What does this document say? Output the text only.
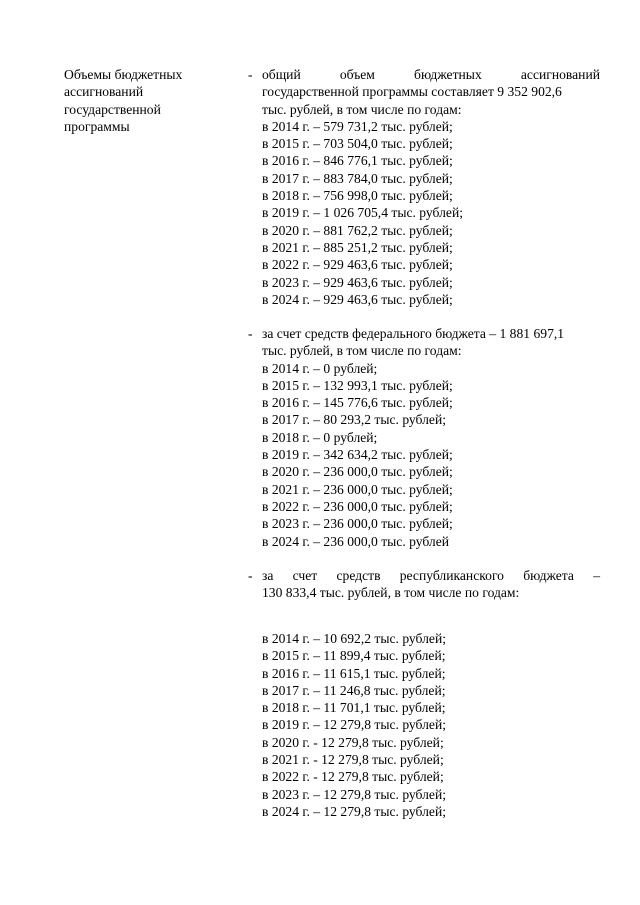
Объемы бюджетных
ассигнований
государственной
программы
- общий объем бюджетных ассигнований
государственной программы составляет 9 352 902,6
тыс. рублей, в том числе по годам:
в 2014 г. – 579 731,2 тыс. рублей;
в 2015 г. – 703 504,0 тыс. рублей;
в 2016 г. – 846 776,1 тыс. рублей;
в 2017 г. – 883 784,0 тыс. рублей;
в 2018 г. – 756 998,0 тыс. рублей;
в 2019 г. – 1 026 705,4 тыс. рублей;
в 2020 г. – 881 762,2 тыс. рублей;
в 2021 г. – 885 251,2 тыс. рублей;
в 2022 г. – 929 463,6 тыс. рублей;
в 2023 г. – 929 463,6 тыс. рублей;
в 2024 г. – 929 463,6 тыс. рублей;
- за счет средств федерального бюджета – 1 881 697,1
тыс. рублей, в том числе по годам:
в 2014 г. – 0 рублей;
в 2015 г. – 132 993,1 тыс. рублей;
в 2016 г. – 145 776,6 тыс. рублей;
в 2017 г. – 80 293,2 тыс. рублей;
в 2018 г. – 0 рублей;
в 2019 г. – 342 634,2 тыс. рублей;
в 2020 г. – 236 000,0 тыс. рублей;
в 2021 г. – 236 000,0 тыс. рублей;
в 2022 г. – 236 000,0 тыс. рублей;
в 2023 г. – 236 000,0 тыс. рублей;
в 2024 г. – 236 000,0 тыс. рублей
- за счет средств республиканского бюджета –
130 833,4 тыс. рублей, в том числе по годам:
в 2014 г. – 10 692,2 тыс. рублей;
в 2015 г. – 11 899,4 тыс. рублей;
в 2016 г. – 11 615,1 тыс. рублей;
в 2017 г. – 11 246,8 тыс. рублей;
в 2018 г. – 11 701,1 тыс. рублей;
в 2019 г. – 12 279,8 тыс. рублей;
в 2020 г. - 12 279,8 тыс. рублей;
в 2021 г. - 12 279,8 тыс. рублей;
в 2022 г. - 12 279,8 тыс. рублей;
в 2023 г. – 12 279,8 тыс. рублей;
в 2024 г. – 12 279,8 тыс. рублей;
